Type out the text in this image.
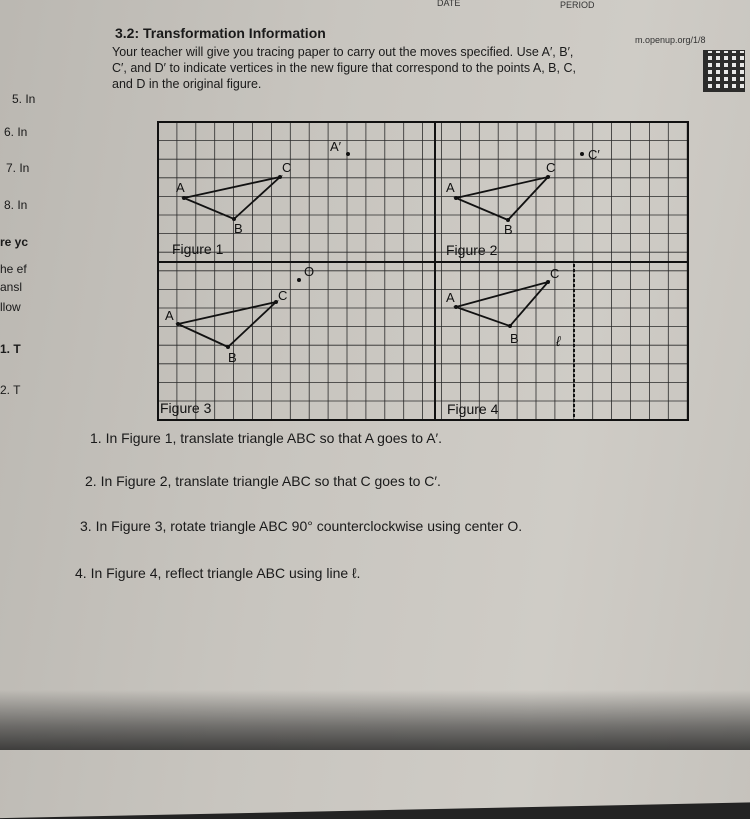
DATE	PERIOD
3.2: Transformation Information	m.openup.org/1/8
Your teacher will give you tracing paper to carry out the moves specified. Use A′, B′,
C′, and D′ to indicate vertices in the new figure that correspond to the points A, B, C,
and D in the original figure.
5. In
6. In
7. In
8. In
re yc
he ef
ansl
llow
1. T
2. T
A
B
C
A′
Figure 1
A
B
C
C′
Figure 2
A
B
C
O
Figure 3
A
B
C
ℓ
Figure 4
1. In Figure 1, translate triangle ABC so that A goes to A′.
2. In Figure 2, translate triangle ABC so that C goes to C′.
3. In Figure 3, rotate triangle ABC 90° counterclockwise using center O.
4. In Figure 4, reflect triangle ABC using line ℓ.
